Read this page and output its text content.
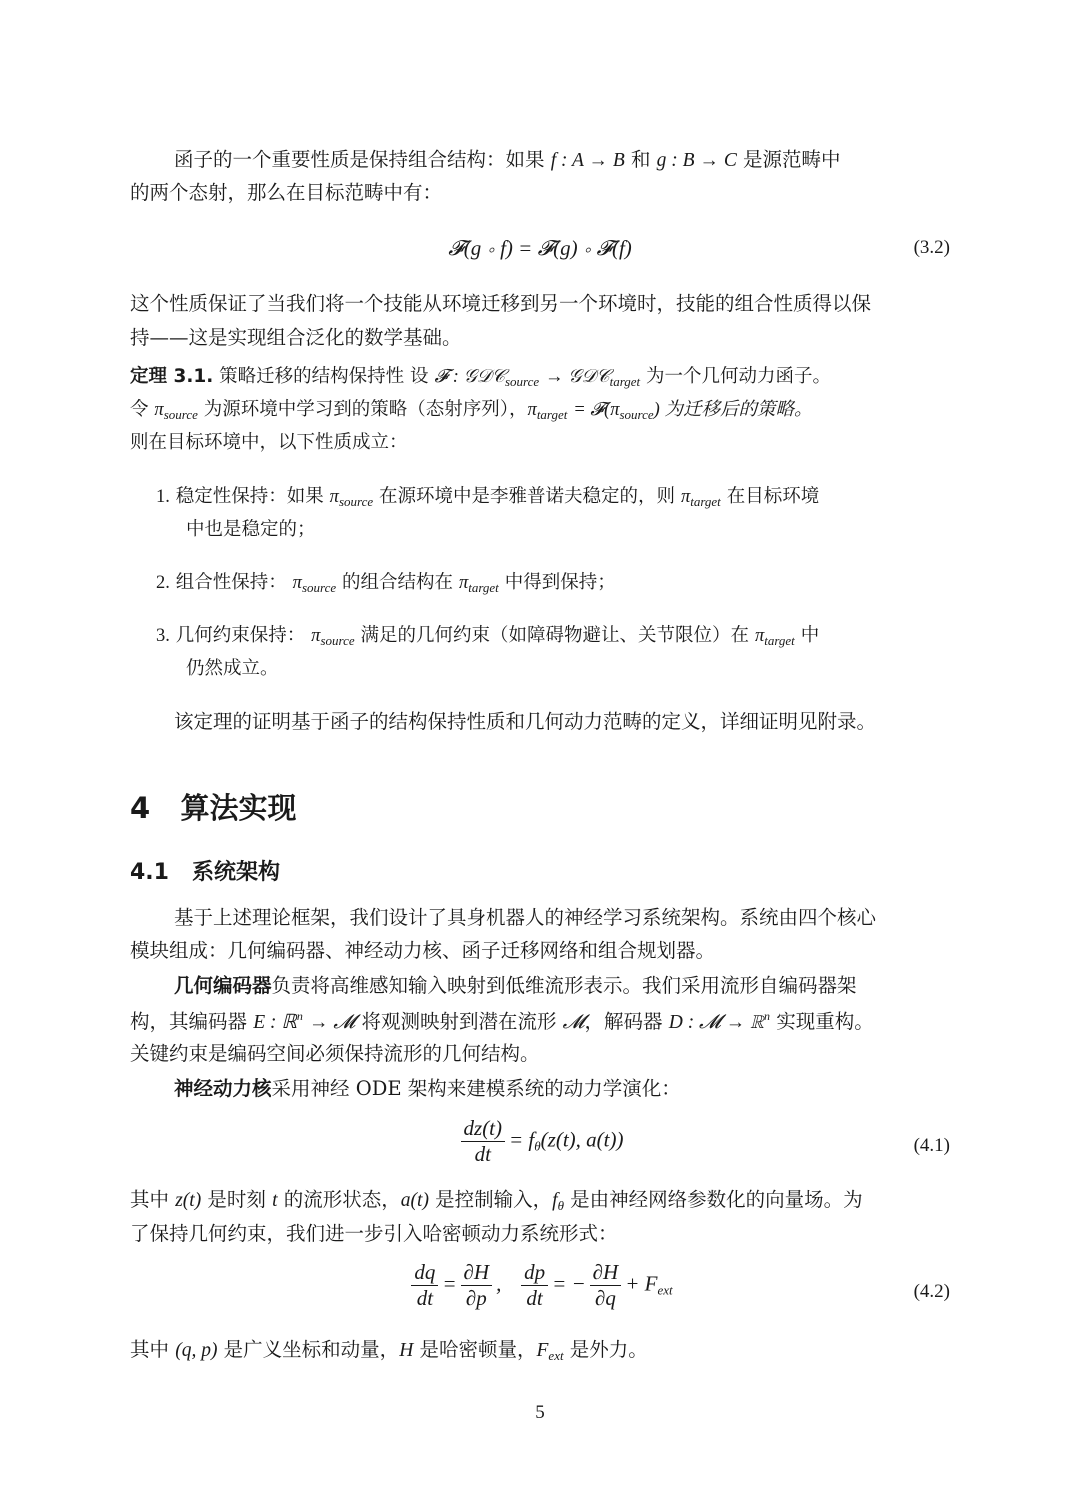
函子的一个重要性质是保持组合结构：如果 f : A → B 和 g : B → C 是源范畴中
的两个态射，那么在目标范畴中有：
𝓕(g ∘ f) = 𝓕(g) ∘ 𝓕(f)	(3.2)
这个性质保证了当我们将一个技能从环境迁移到另一个环境时，技能的组合性质得以保
持——这是实现组合泛化的数学基础。
定理 3.1. 策略迁移的结构保持性 设 𝓕 : 𝒢𝒟𝒞$_{source}$ → 𝒢𝒟𝒞$_{target}$ 为一个几何动力函子。
令 $\pi_{source}$ 为源环境中学习到的策略（态射序列），$\pi_{target}$ = $𝓕(\pi_{source})$ 为迁移后的策略。
则在目标环境中，以下性质成立：
1. 稳定性保持：如果 $\pi_{source}$ 在源环境中是李雅普诺夫稳定的，则 $\pi_{target}$ 在目标环境
中也是稳定的；
2. 组合性保持： $\pi_{source}$ 的组合结构在 $\pi_{target}$ 中得到保持；
3. 几何约束保持： $\pi_{source}$ 满足的几何约束（如障碍物避让、关节限位）在 $\pi_{target}$ 中
仍然成立。
该定理的证明基于函子的结构保持性质和几何动力范畴的定义，详细证明见附录。
4 算法实现
4.1 系统架构
基于上述理论框架，我们设计了具身机器人的神经学习系统架构。系统由四个核心
模块组成：几何编码器、神经动力核、函子迁移网络和组合规划器。
几何编码器负责将高维感知输入映射到低维流形表示。我们采用流形自编码器架
构，其编码器 E : ℝ$^n$ → 𝓜 将观测映射到潜在流形 𝓜，解码器 D : 𝓜 → ℝ$^n$ 实现重构。
关键约束是编码空间必须保持流形的几何结构。
神经动力核采用神经 ODE 架构来建模系统的动力学演化：
$\frac{dz(t)}{dt} = f_\theta(z(t)$, a(t))	(4.1)
其中 z(t) 是时刻 t 的流形状态，a(t) 是控制输入，$f_\theta$ 是由神经网络参数化的向量场。为
了保持几何约束，我们进一步引入哈密顿动力系统形式：
$\frac{dq}{dt} = \frac{\partial H}{\partial p}$ , $\frac{dp}{dt}$ = − $\frac{\partial H}{\partial q} + F_{ext}$	(4.2)
其中 (q, p) 是广义坐标和动量，H 是哈密顿量，$F_{ext}$ 是外力。
5
